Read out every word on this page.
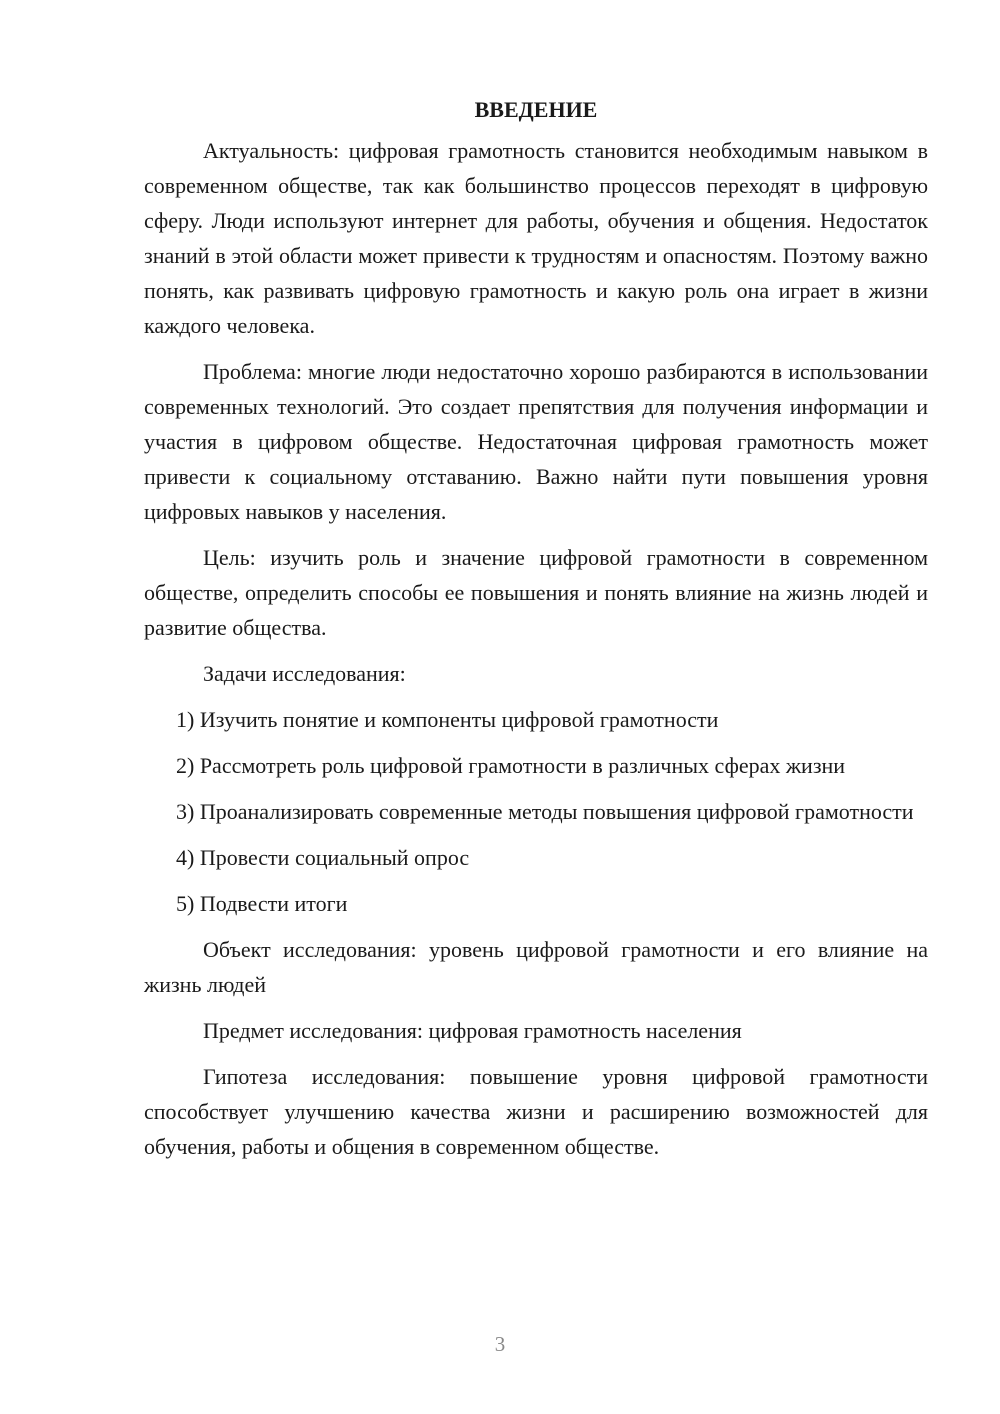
ВВЕДЕНИЕ

Актуальность: цифровая грамотность становится необходимым навыком в современном обществе, так как большинство процессов переходят в цифровую сферу. Люди используют интернет для работы, обучения и общения. Недостаток знаний в этой области может привести к трудностям и опасностям. Поэтому важно понять, как развивать цифровую грамотность и какую роль она играет в жизни каждого человека.

Проблема: многие люди недостаточно хорошо разбираются в использовании современных технологий. Это создает препятствия для получения информации и участия в цифровом обществе. Недостаточная цифровая грамотность может привести к социальному отставанию. Важно найти пути повышения уровня цифровых навыков у населения.

Цель: изучить роль и значение цифровой грамотности в современном обществе, определить способы ее повышения и понять влияние на жизнь людей и развитие общества.

Задачи исследования:

1) Изучить понятие и компоненты цифровой грамотности

2) Рассмотреть роль цифровой грамотности в различных сферах жизни

3) Проанализировать современные методы повышения цифровой грамотности

4) Провести социальный опрос

5) Подвести итоги

Объект исследования: уровень цифровой грамотности и его влияние на жизнь людей

Предмет исследования: цифровая грамотность населения

Гипотеза исследования: повышение уровня цифровой грамотности способствует улучшению качества жизни и расширению возможностей для обучения, работы и общения в современном обществе.

3
